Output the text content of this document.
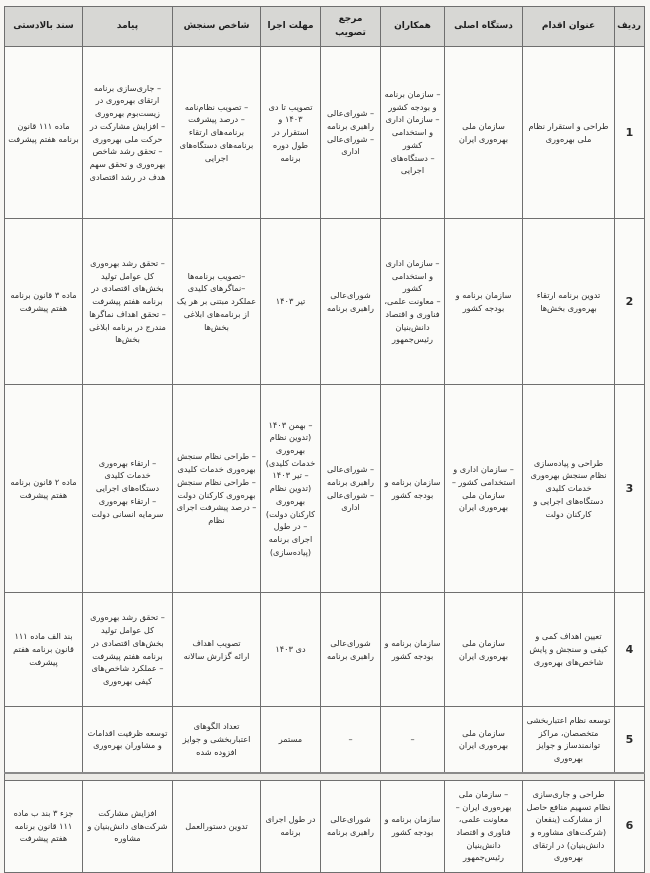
ردیف	عنوان اقدام	دستگاه اصلی	همکاران	مرجع تصویب	مهلت اجرا	شاخص سنجش	پیامد	سند بالادستی
1	طراحی و استقرار نظام ملی بهره‌وری	سازمان ملی بهره‌وری ایران	– سازمان برنامه و بودجه کشور
– سازمان اداری و استخدامی کشور
– دستگاه‌های اجرایی	– شورای‌عالی راهبری برنامه
– شورای‌عالی اداری	تصویب تا دی ۱۴۰۳ و استقرار در طول دوره برنامه	– تصویب نظام‌نامه
– درصد پیشرفت برنامه‌های ارتقاء برنامه‌های دستگاه‌های اجرایی	– جاری‌سازی برنامه ارتقای بهره‌وری در زیست‌بوم بهره‌وری
– افزایش مشارکت در حرکت ملی بهره‌وری
– تحقق رشد شاخص بهره‌وری و تحقق سهم هدف در رشد اقتصادی	ماده ۱۱۱ قانون برنامه هفتم پیشرفت
2	تدوین برنامه ارتقاء بهره‌وری بخش‌ها	سازمان برنامه و بودجه کشور	– سازمان اداری و استخدامی کشور
– معاونت علمی، فناوری و اقتصاد دانش‌بنیان رئیس‌جمهور	شورای‌عالی راهبری برنامه	تیر ۱۴۰۳	–تصویب برنامه‌ها
–نماگرهای کلیدی عملکرد مبتنی بر هر یک از برنامه‌های ابلاغی بخش‌ها	– تحقق رشد بهره‌وری کل عوامل تولید بخش‌های اقتصادی در برنامه هفتم پیشرفت
– تحقق اهداف نماگرها مندرج در برنامه ابلاغی بخش‌ها	ماده ۳ قانون برنامه هفتم پیشرفت
3	طراحی و پیاده‌سازی نظام سنجش بهره‌وری خدمات کلیدی دستگاه‌های اجرایی و کارکنان دولت	– سازمان اداری و استخدامی کشور – سازمان ملی بهره‌وری ایران	سازمان برنامه و بودجه کشور	– شورای‌عالی راهبری برنامه
– شورای‌عالی اداری	– بهمن ۱۴۰۳ (تدوین نظام بهره‌وری خدمات کلیدی) – تیر ۱۴۰۳ (تدوین نظام بهره‌وری کارکنان دولت) – در طول اجرای برنامه (پیاده‌سازی)	– طراحی نظام سنجش بهره‌وری خدمات کلیدی
– طراحی نظام سنجش بهره‌وری کارکنان دولت
– درصد پیشرفت اجرای نظام	– ارتقاء بهره‌وری خدمات کلیدی دستگاه‌های اجرایی
– ارتقاء بهره‌وری سرمایه انسانی دولت	ماده ۲ قانون برنامه هفتم پیشرفت
4	تعیین اهداف کمی و کیفی و سنجش و پایش شاخص‌های بهره‌وری	سازمان ملی بهره‌وری ایران	سازمان برنامه و بودجه کشور	شورای‌عالی راهبری برنامه	دی ۱۴۰۳	تصویب اهداف
ارائه گزارش سالانه	– تحقق رشد بهره‌وری کل عوامل تولید بخش‌های اقتصادی در برنامه هفتم پیشرفت
– عملکرد شاخص‌های کیفی بهره‌وری	بند الف ماده ۱۱۱ قانون برنامه هفتم پیشرفت
5	توسعه نظام اعتباربخشی متخصصان، مراکز توانمندساز و جوایز بهره‌وری	سازمان ملی بهره‌وری ایران	–	–	مستمر	تعداد الگوهای اعتباربخشی و جوایز افزوده شده	توسعه ظرفیت اقدامات و مشاوران بهره‌وری	

6	طراحی و جاری‌سازی نظام تسهیم منافع حاصل از مشارکت (ینفعان (شرکت‌های مشاوره و دانش‌بنیان) در ارتقای بهره‌وری	– سازمان ملی بهره‌وری ایران – معاونت علمی، فناوری و اقتصاد دانش‌بنیان رئیس‌جمهور	سازمان برنامه و بودجه کشور	شورای‌عالی راهبری برنامه	در طول اجرای برنامه	تدوین دستورالعمل	افزایش مشارکت شرکت‌های دانش‌بنیان و مشاوره	جزء ۳ بند ب ماده ۱۱۱ قانون برنامه هفتم پیشرفت
